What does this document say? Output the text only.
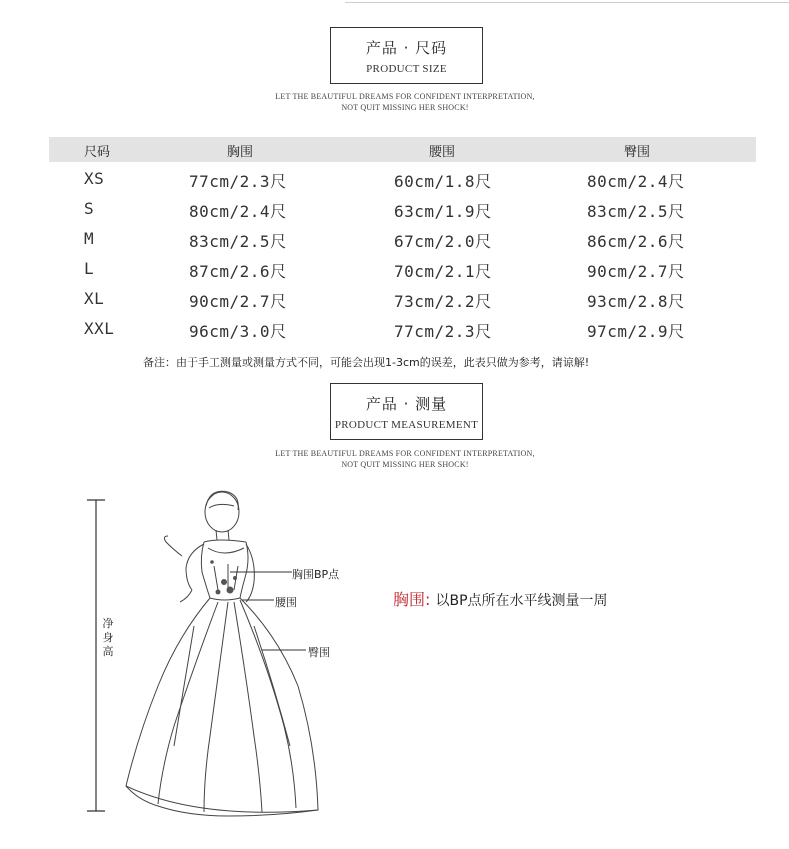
产品 · 尺码
PRODUCT SIZE
LET THE BEAUTIFUL DREAMS FOR CONFIDENT INTERPRETATION,
NOT QUIT MISSING HER SHOCK!
尺码	胸围	腰围	臀围
XS	77cm/2.3尺	60cm/1.8尺	80cm/2.4尺
S	80cm/2.4尺	63cm/1.9尺	83cm/2.5尺
M	83cm/2.5尺	67cm/2.0尺	86cm/2.6尺
L	87cm/2.6尺	70cm/2.1尺	90cm/2.7尺
XL	90cm/2.7尺	73cm/2.2尺	93cm/2.8尺
XXL	96cm/3.0尺	77cm/2.3尺	97cm/2.9尺
备注：由于手工测量或测量方式不同，可能会出现1-3cm的误差，此表只做为参考，请谅解!
产品 · 测量
PRODUCT MEASUREMENT
LET THE BEAUTIFUL DREAMS FOR CONFIDENT INTERPRETATION,
NOT QUIT MISSING HER SHOCK!
净身高
胸围BP点
腰围
臀围
胸围: 以BP点所在水平线测量一周
